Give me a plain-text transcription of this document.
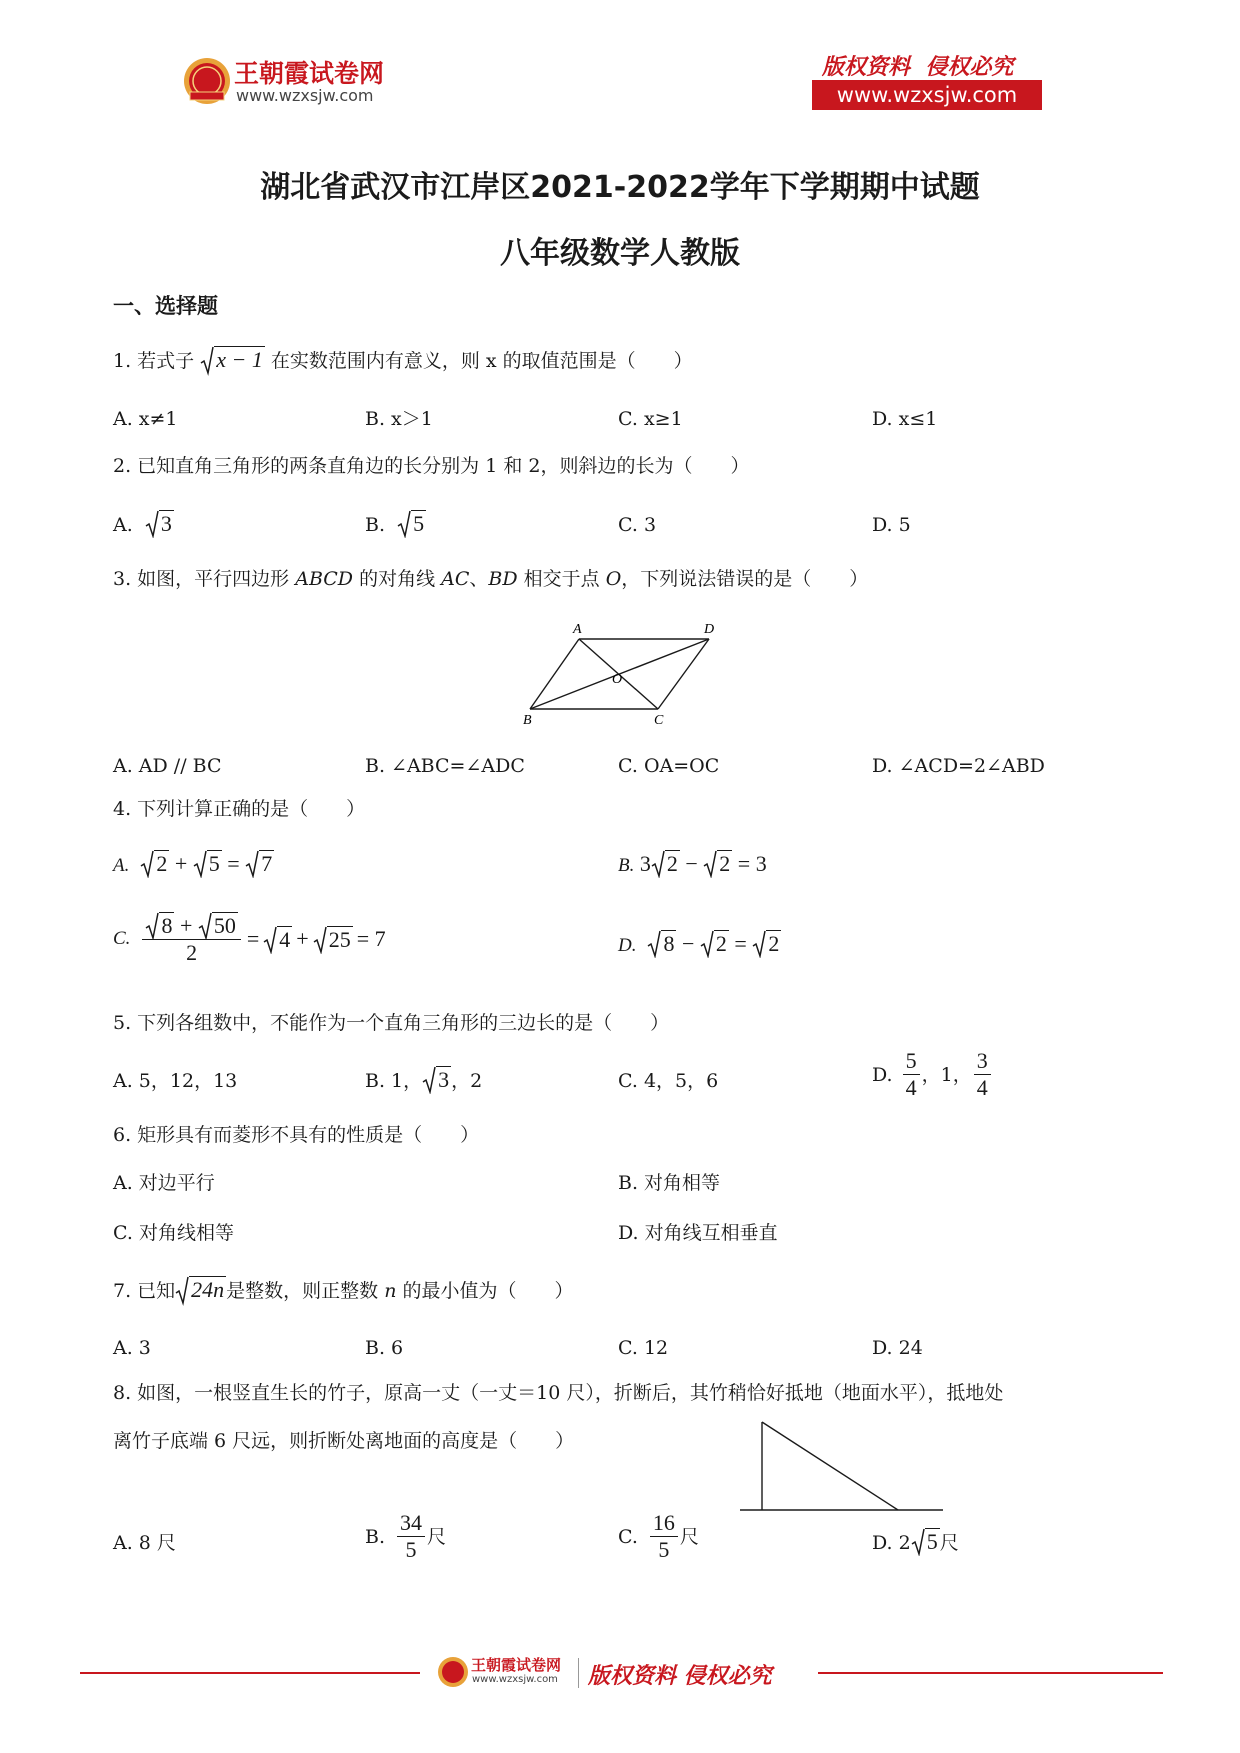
王朝霞试卷网
www.wzxsjw.com
版权资料  侵权必究
www.wzxsjw.com
湖北省武汉市江岸区2021-2022学年下学期期中试题
八年级数学人教版
一、选择题
1. 若式子 x − 1 在实数范围内有意义，则 x 的取值范围是（　　）
A. x≠1	B. x＞1	C. x≥1	D. x≤1
2. 已知直角三角形的两条直角边的长分别为 1 和 2，则斜边的长为（　　）
A. 3	B. 5	C. 3	D. 5
3. 如图，平行四边形 ABCD 的对角线 AC、BD 相交于点 O，下列说法错误的是（　　）
A	D
O
B	C
A. AD // BC	B. ∠ABC=∠ADC	C. OA=OC	D. ∠ACD=2∠ABD
4. 下列计算正确的是（　　）
A. 2 + 5 = 7	B. 3 2 − 2 = 3
C. $\frac{8 + 50}{2} = 4 + 25 = 7$	D. 8 − 2 = 2
5. 下列各组数中，不能作为一个直角三角形的三边长的是（　　）
A. 5，12，13	B. 1， 3 ，2	C. 4，5，6	D. $\frac{5}{4}$ ，1， $\frac{3}{4}$
6. 矩形具有而菱形不具有的性质是（　　）
A. 对边平行	B. 对角相等
C. 对角线相等	D. 对角线互相垂直
7. 已知 24n 是整数，则正整数 n 的最小值为（　　）
A. 3	B. 6	C. 12	D. 24
8. 如图，一根竖直生长的竹子，原高一丈（一丈＝10 尺），折断后，其竹稍恰好抵地（地面水平），抵地处
离竹子底端 6 尺远，则折断处离地面的高度是（　　）
A. 8 尺	B. $\frac{34}{5}$ 尺	C. $\frac{16}{5}$ 尺	D. 2 5 尺
王朝霞试卷网
www.wzxsjw.com 版权资料 侵权必究
